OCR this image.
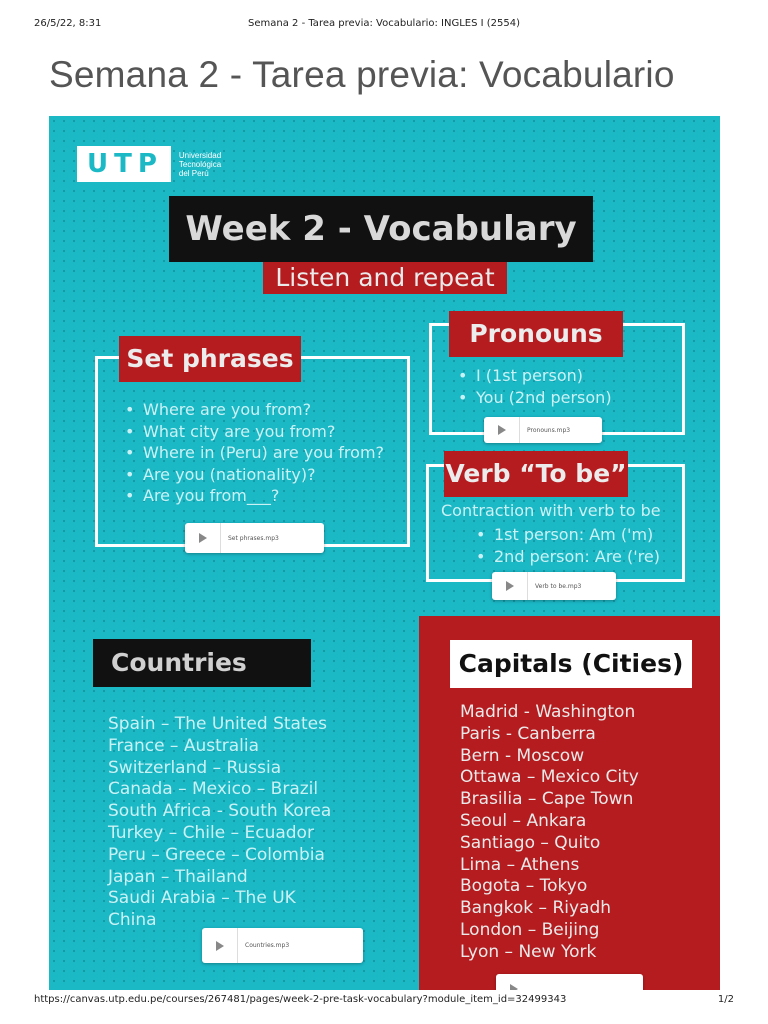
26/5/22, 8:31	Semana 2 - Tarea previa: Vocabulario: INGLES I (2554)
Semana 2 - Tarea previa: Vocabulario
UTP	Universidad
Tecnológica
del Perú
Week 2 - Vocabulary
Listen and repeat
Set phrases
• Where are you from?
• What city are you from?
• Where in (Peru) are you from?
• Are you (nationality)?
• Are you from___?
Set phrases.mp3
Pronouns
• I (1st person)
• You (2nd person)
Pronouns.mp3
Verb “To be”
Contraction with verb to be
• 1st person: Am ('m)
• 2nd person: Are ('re)
Verb to be.mp3
Countries
Spain – The United States
France – Australia
Switzerland – Russia
Canada – Mexico – Brazil
South Africa - South Korea
Turkey – Chile – Ecuador
Peru – Greece – Colombia
Japan – Thailand
Saudi Arabia – The UK
China
Countries.mp3
Capitals (Cities)
Madrid - Washington
Paris - Canberra
Bern - Moscow
Ottawa – Mexico City
Brasilia – Cape Town
Seoul – Ankara
Santiago – Quito
Lima – Athens
Bogota – Tokyo
Bangkok – Riyadh
London – Beijing
Lyon – New York
https://canvas.utp.edu.pe/courses/267481/pages/week-2-pre-task-vocabulary?module_item_id=32499343	1/2
